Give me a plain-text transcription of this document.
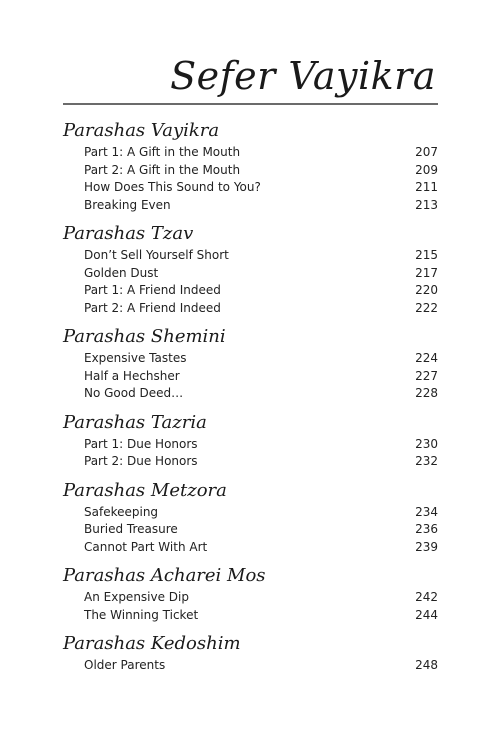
Sefer Vayikra
Parashas Vayikra
Part 1: A Gift in the Mouth	207
Part 2: A Gift in the Mouth	209
How Does This Sound to You?	211
Breaking Even	213
Parashas Tzav
Don’t Sell Yourself Short	215
Golden Dust	217
Part 1: A Friend Indeed	220
Part 2: A Friend Indeed	222
Parashas Shemini
Expensive Tastes	224
Half a Hechsher	227
No Good Deed…	228
Parashas Tazria
Part 1: Due Honors	230
Part 2: Due Honors	232
Parashas Metzora
Safekeeping	234
Buried Treasure	236
Cannot Part With Art	239
Parashas Acharei Mos
An Expensive Dip	242
The Winning Ticket	244
Parashas Kedoshim
Older Parents	248
